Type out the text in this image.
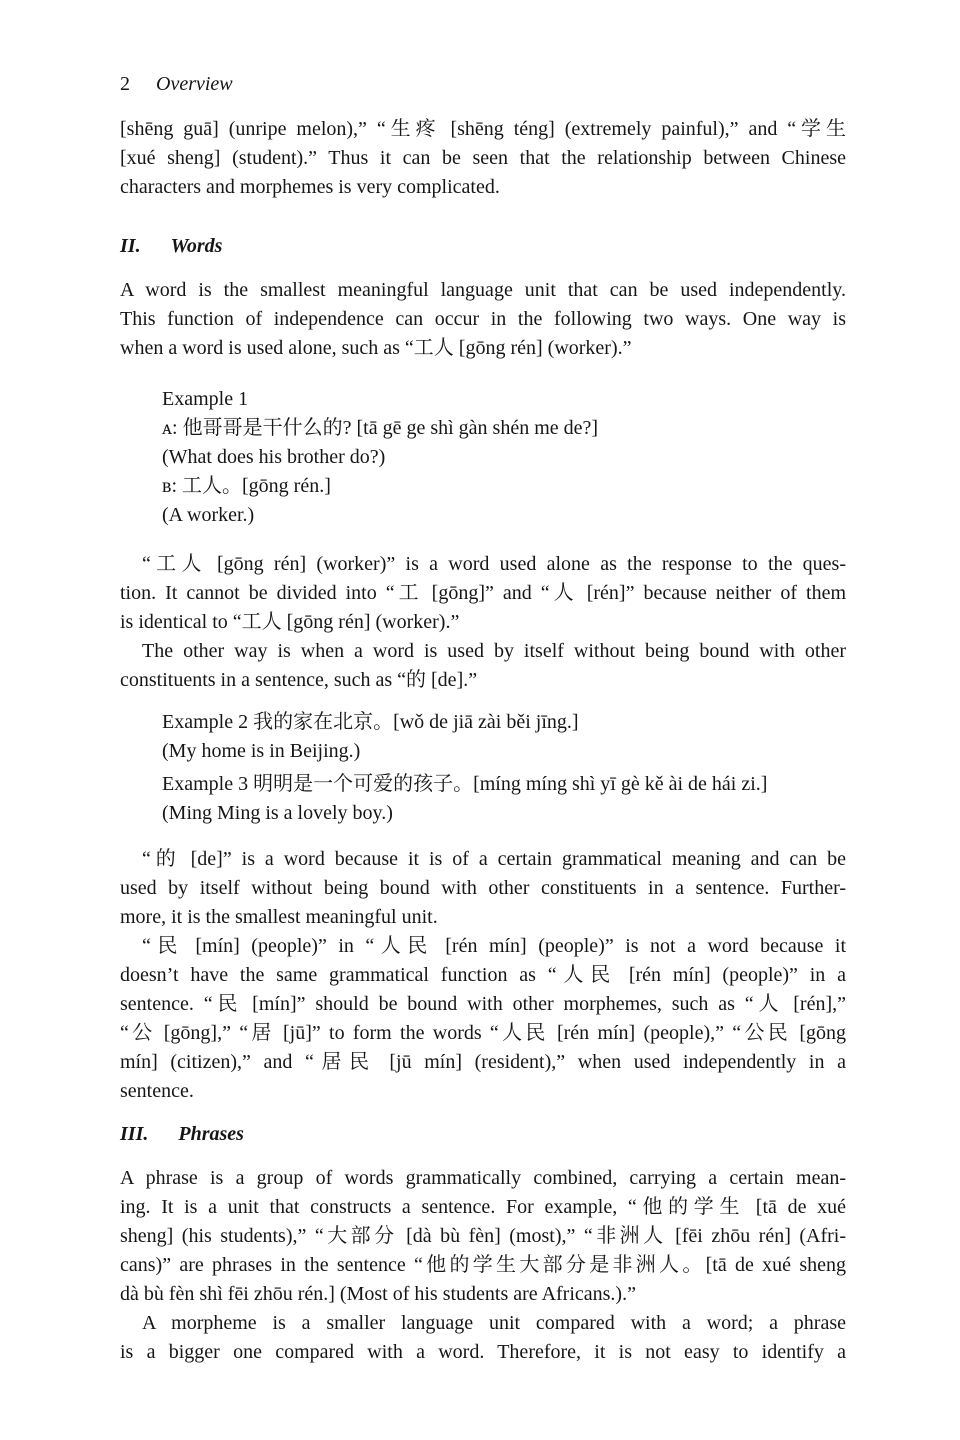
2 Overview
[shēng guā] (unripe melon),” “生疼 [shēng téng] (extremely painful),” and “学生
[xué sheng] (student).” Thus it can be seen that the relationship between Chinese
characters and morphemes is very complicated.
II. Words
A word is the smallest meaningful language unit that can be used independently.
This function of independence can occur in the following two ways. One way is
when a word is used alone, such as “工人 [gōng rén] (worker).”
Example 1
ᴀ: 他哥哥是干什么的? [tā gē ge shì gàn shén me de?]
(What does his brother do?)
ʙ: 工人。[gōng rén.]
(A worker.)
“工人 [gōng rén] (worker)” is a word used alone as the response to the ques-
tion. It cannot be divided into “工 [gōng]” and “人 [rén]” because neither of them
is identical to “工人 [gōng rén] (worker).”
The other way is when a word is used by itself without being bound with other
constituents in a sentence, such as “的 [de].”
Example 2 我的家在北京。[wǒ de jiā zài běi jīng.]
(My home is in Beijing.)
Example 3 明明是一个可爱的孩子。[míng míng shì yī gè kě ài de hái zi.]
(Ming Ming is a lovely boy.)
“的 [de]” is a word because it is of a certain grammatical meaning and can be
used by itself without being bound with other constituents in a sentence. Further-
more, it is the smallest meaningful unit.
“民 [mín] (people)” in “人民 [rén mín] (people)” is not a word because it
doesn’t have the same grammatical function as “人民 [rén mín] (people)” in a
sentence. “民 [mín]” should be bound with other morphemes, such as “人 [rén],”
“公 [gōng],” “居 [jū]” to form the words “人民 [rén mín] (people),” “公民 [gōng
mín] (citizen),” and “居民 [jū mín] (resident),” when used independently in a
sentence.
III. Phrases
A phrase is a group of words grammatically combined, carrying a certain mean-
ing. It is a unit that constructs a sentence. For example, “他的学生 [tā de xué
sheng] (his students),” “大部分 [dà bù fèn] (most),” “非洲人 [fēi zhōu rén] (Afri-
cans)” are phrases in the sentence “他的学生大部分是非洲人。[tā de xué sheng
dà bù fèn shì fēi zhōu rén.] (Most of his students are Africans.).”
A morpheme is a smaller language unit compared with a word; a phrase
is a bigger one compared with a word. Therefore, it is not easy to identify a
